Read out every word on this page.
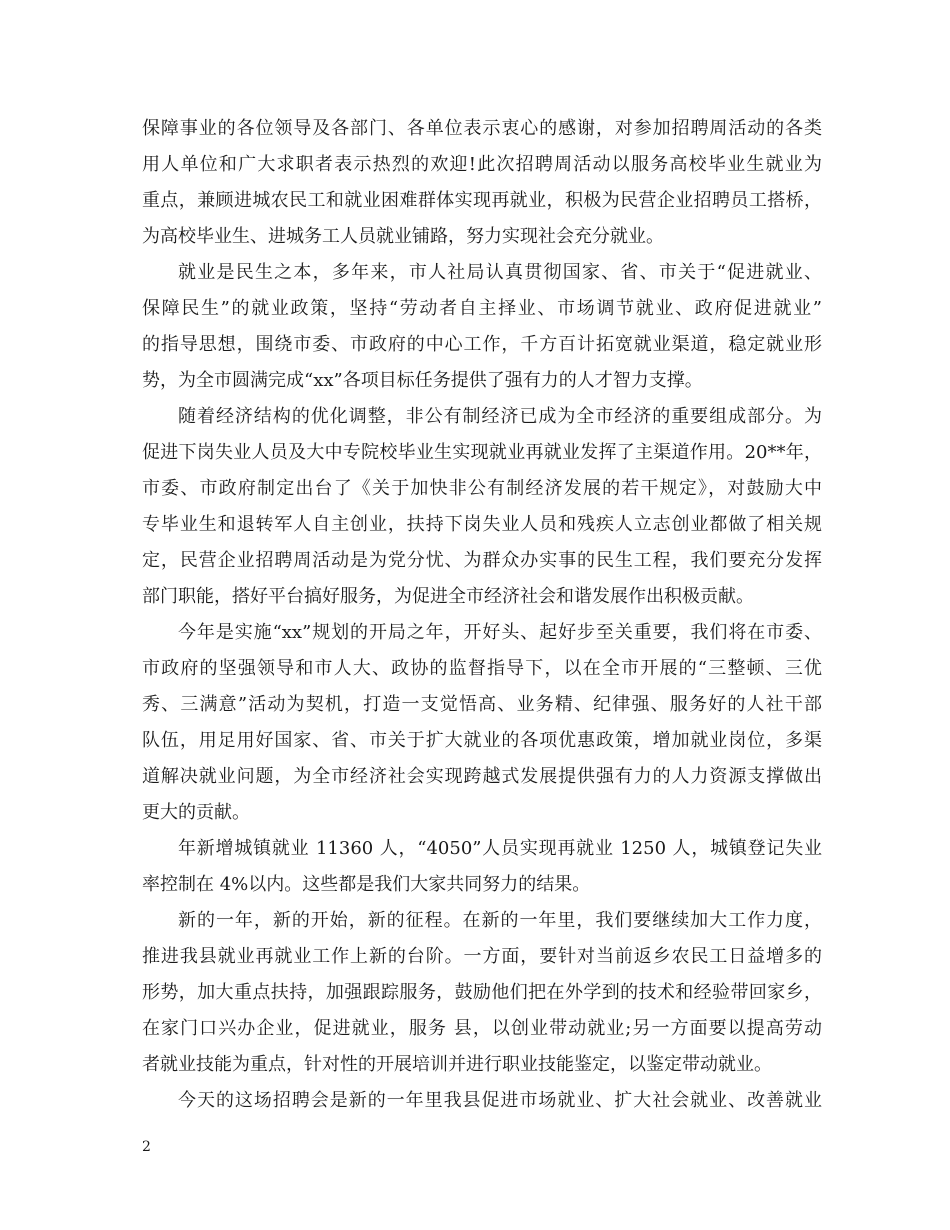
保障事业的各位领导及各部门、各单位表示衷心的感谢，对参加招聘周活动的各类
用人单位和广大求职者表示热烈的欢迎!此次招聘周活动以服务高校毕业生就业为
重点，兼顾进城农民工和就业困难群体实现再就业，积极为民营企业招聘员工搭桥，
为高校毕业生、进城务工人员就业铺路，努力实现社会充分就业。
就业是民生之本，多年来，市人社局认真贯彻国家、省、市关于“促进就业、
保障民生”的就业政策，坚持“劳动者自主择业、市场调节就业、政府促进就业”
的指导思想，围绕市委、市政府的中心工作，千方百计拓宽就业渠道，稳定就业形
势，为全市圆满完成“xx”各项目标任务提供了强有力的人才智力支撑。
随着经济结构的优化调整，非公有制经济已成为全市经济的重要组成部分。为
促进下岗失业人员及大中专院校毕业生实现就业再就业发挥了主渠道作用。20**年，
市委、市政府制定出台了《关于加快非公有制经济发展的若干规定》，对鼓励大中
专毕业生和退转军人自主创业，扶持下岗失业人员和残疾人立志创业都做了相关规
定，民营企业招聘周活动是为党分忧、为群众办实事的民生工程，我们要充分发挥
部门职能，搭好平台搞好服务，为促进全市经济社会和谐发展作出积极贡献。
今年是实施“xx”规划的开局之年，开好头、起好步至关重要，我们将在市委、
市政府的坚强领导和市人大、政协的监督指导下，以在全市开展的“三整顿、三优
秀、三满意”活动为契机，打造一支觉悟高、业务精、纪律强、服务好的人社干部
队伍，用足用好国家、省、市关于扩大就业的各项优惠政策，增加就业岗位，多渠
道解决就业问题，为全市经济社会实现跨越式发展提供强有力的人力资源支撑做出
更大的贡献。
年新增城镇就业 11360 人，“4050”人员实现再就业 1250 人，城镇登记失业
率控制在 4%以内。这些都是我们大家共同努力的结果。
新的一年，新的开始，新的征程。在新的一年里，我们要继续加大工作力度，
推进我县就业再就业工作上新的台阶。一方面，要针对当前返乡农民工日益增多的
形势，加大重点扶持，加强跟踪服务，鼓励他们把在外学到的技术和经验带回家乡，
在家门口兴办企业，促进就业，服务 县，以创业带动就业;另一方面要以提高劳动
者就业技能为重点，针对性的开展培训并进行职业技能鉴定，以鉴定带动就业。
今天的这场招聘会是新的一年里我县促进市场就业、扩大社会就业、改善就业
2
